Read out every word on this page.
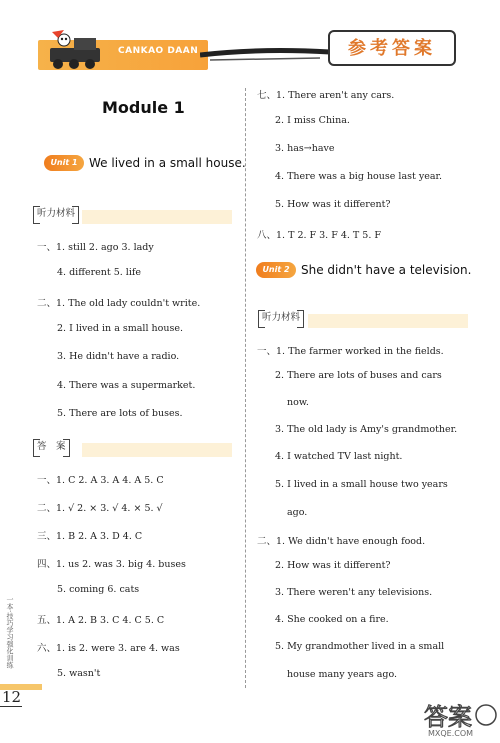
CANKAO DAAN	参考答案
Module 1
Unit 1 We lived in a small house.
听力材料
一、1. still 2. ago 3. lady
4. different 5. life
二、1. The old lady couldn't write.
2. I lived in a small house.
3. He didn't have a radio.
4. There was a supermarket.
5. There are lots of buses.
答　案
一、1. C 2. A 3. A 4. A 5. C
二、1. √ 2. × 3. √ 4. × 5. √
三、1. B 2. A 3. D 4. C
四、1. us 2. was 3. big 4. buses
5. coming 6. cats
五、1. A 2. B 3. C 4. C 5. C
六、1. is 2. were 3. are 4. was
5. wasn't
七、1. There aren't any cars.
2. I miss China.
3. has→have
4. There was a big house last year.
5. How was it different?
八、1. T 2. F 3. F 4. T 5. F
Unit 2 She didn't have a television.
听力材料
一、1. The farmer worked in the fields.
2. There are lots of buses and cars
now.
3. The old lady is Amy's grandmother.
4. I watched TV last night.
5. I lived in a small house two years
ago.
二、1. We didn't have enough food.
2. How was it different?
3. There weren't any televisions.
4. She cooked on a fire.
5. My grandmother lived in a small
house many years ago.
一本·技巧学习强化训练
12
答案
MXQE.COM
